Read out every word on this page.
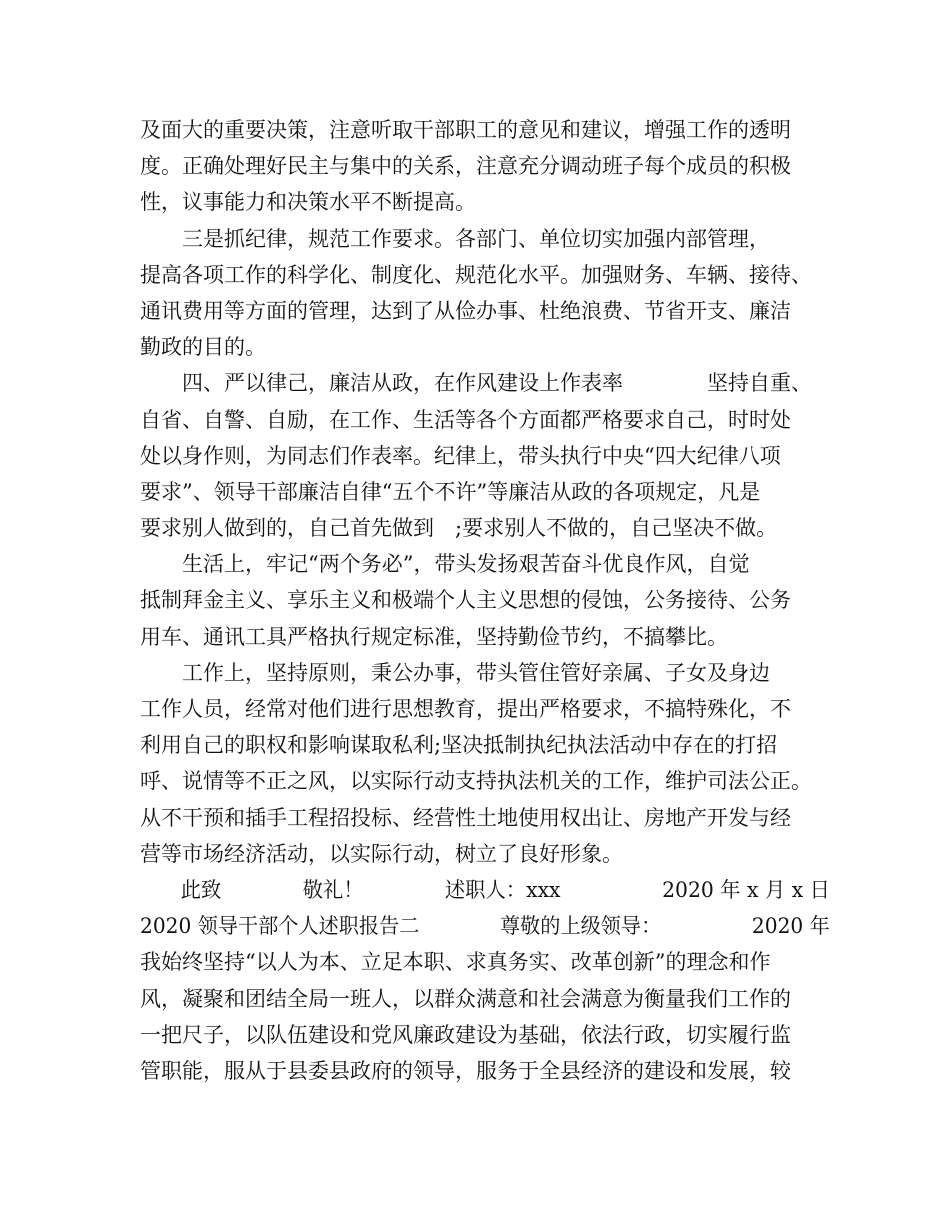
及面大的重要决策，注意听取干部职工的意见和建议，增强工作的透明
度。正确处理好民主与集中的关系，注意充分调动班子每个成员的积极
性，议事能力和决策水平不断提高。
　　三是抓纪律，规范工作要求。各部门、单位切实加强内部管理，
提高各项工作的科学化、制度化、规范化水平。加强财务、车辆、接待、
通讯费用等方面的管理，达到了从俭办事、杜绝浪费、节省开支、廉洁
勤政的目的。
　　四、严以律己，廉洁从政，在作风建设上作表率　　　　坚持自重、
自省、自警、自励，在工作、生活等各个方面都严格要求自己，时时处
处以身作则，为同志们作表率。纪律上，带头执行中央“四大纪律八项
要求”、领导干部廉洁自律“五个不许”等廉洁从政的各项规定，凡是
要求别人做到的，自己首先做到　;要求别人不做的，自己坚决不做。
　　生活上，牢记“两个务必”，带头发扬艰苦奋斗优良作风，自觉
抵制拜金主义、享乐主义和极端个人主义思想的侵蚀，公务接待、公务
用车、通讯工具严格执行规定标准，坚持勤俭节约，不搞攀比。
　　工作上，坚持原则，秉公办事，带头管住管好亲属、子女及身边
工作人员，经常对他们进行思想教育，提出严格要求，不搞特殊化，不
利用自己的职权和影响谋取私利;坚决抵制执纪执法活动中存在的打招
呼、说情等不正之风，以实际行动支持执法机关的工作，维护司法公正。
从不干预和插手工程招投标、经营性土地使用权出让、房地产开发与经
营等市场经济活动，以实际行动，树立了良好形象。
　　此致　　　　敬礼！　　　　述职人：xxx　　　　　2020 年 x 月 x 日
2020 领导干部个人述职报告二　　　　尊敬的上级领导：　　　　　2020 年
我始终坚持“以人为本、立足本职、求真务实、改革创新”的理念和作
风，凝聚和团结全局一班人，以群众满意和社会满意为衡量我们工作的
一把尺子，以队伍建设和党风廉政建设为基础，依法行政，切实履行监
管职能，服从于县委县政府的领导，服务于全县经济的建设和发展，较
